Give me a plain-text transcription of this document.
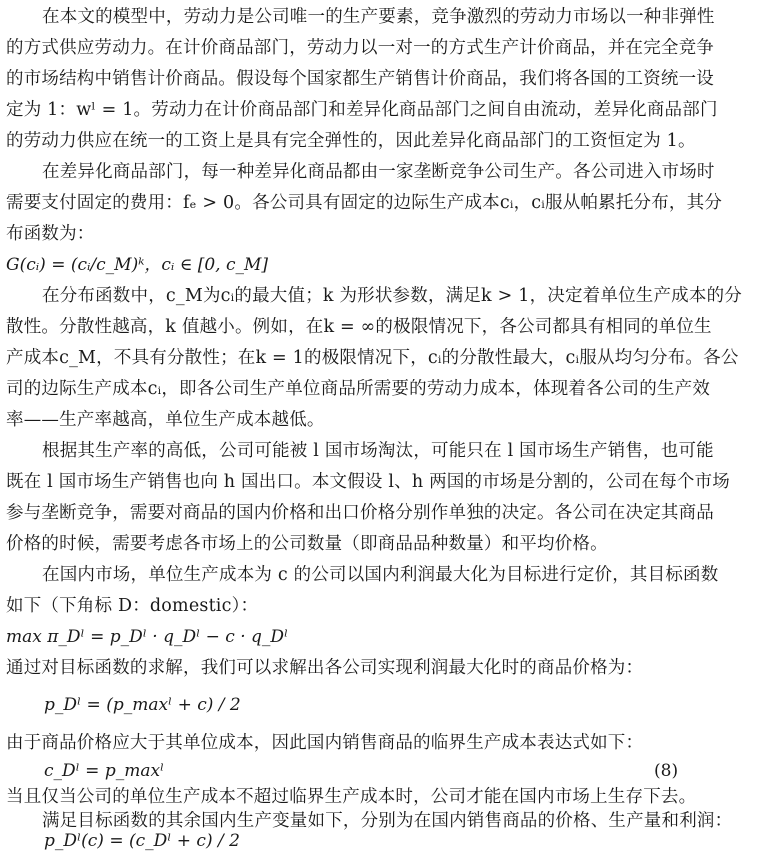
在本文的模型中，劳动力是公司唯一的生产要素，竞争激烈的劳动力市场以一种非弹性
的方式供应劳动力。在计价商品部门，劳动力以一对一的方式生产计价商品，并在完全竞争
的市场结构中销售计价商品。假设每个国家都生产销售计价商品，我们将各国的工资统一设
定为 1：wˡ = 1。劳动力在计价商品部门和差异化商品部门之间自由流动，差异化商品部门
的劳动力供应在统一的工资上是具有完全弹性的，因此差异化商品部门的工资恒定为 1。
在差异化商品部门，每一种差异化商品都由一家垄断竞争公司生产。各公司进入市场时
需要支付固定的费用：fₑ > 0。各公司具有固定的边际生产成本cᵢ，cᵢ服从帕累托分布，其分
布函数为：
G(cᵢ) = (cᵢ/c_M)ᵏ，cᵢ ∈ [0, c_M]
在分布函数中，c_M为cᵢ的最大值；k 为形状参数，满足k > 1，决定着单位生产成本的分
散性。分散性越高，k 值越小。例如，在k = ∞的极限情况下，各公司都具有相同的单位生
产成本c_M，不具有分散性；在k = 1的极限情况下，cᵢ的分散性最大，cᵢ服从均匀分布。各公
司的边际生产成本cᵢ，即各公司生产单位商品所需要的劳动力成本，体现着各公司的生产效
率——生产率越高，单位生产成本越低。
根据其生产率的高低，公司可能被 l 国市场淘汰，可能只在 l 国市场生产销售，也可能
既在 l 国市场生产销售也向 h 国出口。本文假设 l、h 两国的市场是分割的，公司在每个市场
参与垄断竞争，需要对商品的国内价格和出口价格分别作单独的决定。各公司在决定其商品
价格的时候，需要考虑各市场上的公司数量（即商品品种数量）和平均价格。
在国内市场，单位生产成本为 c 的公司以国内利润最大化为目标进行定价，其目标函数
如下（下角标 D：domestic）：
max π_Dˡ = p_Dˡ · q_Dˡ − c · q_Dˡ
通过对目标函数的求解，我们可以求解出各公司实现利润最大化时的商品价格为：
p_Dˡ = (p_maxˡ + c) / 2
由于商品价格应大于其单位成本，因此国内销售商品的临界生产成本表达式如下：
c_Dˡ = p_maxˡ	(8)
当且仅当公司的单位生产成本不超过临界生产成本时，公司才能在国内市场上生存下去。
满足目标函数的其余国内生产变量如下，分别为在国内销售商品的价格、生产量和利润：
p_Dˡ(c) = (c_Dˡ + c) / 2
